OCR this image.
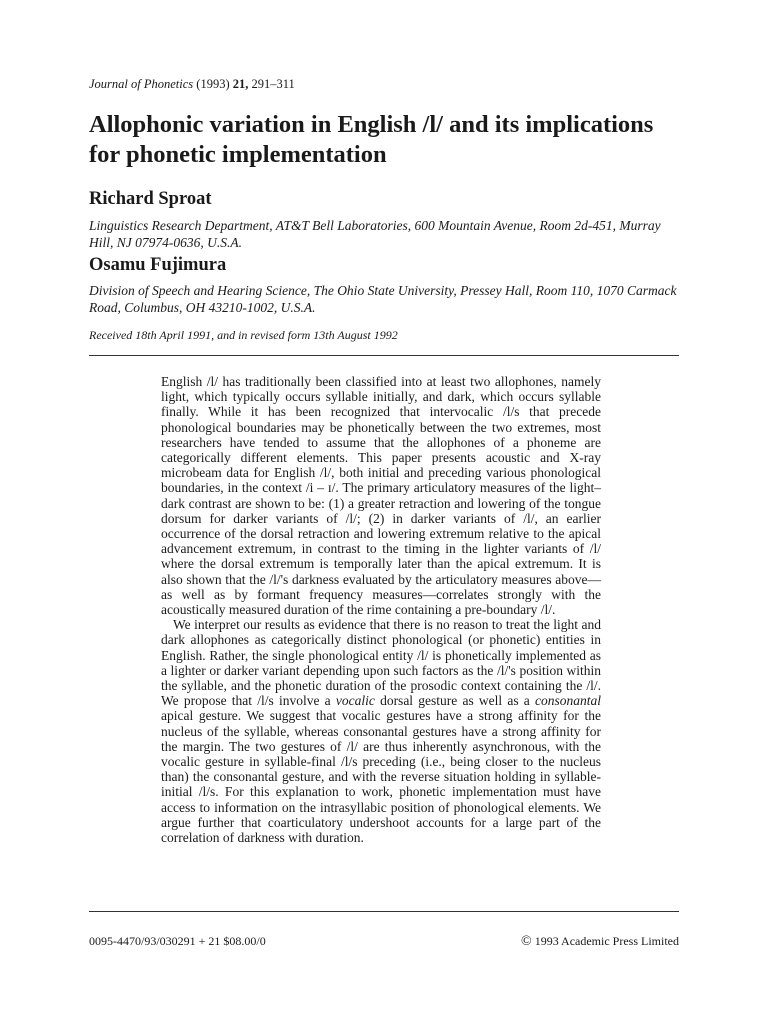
Journal of Phonetics (1993) 21, 291–311
Allophonic variation in English /l/ and its implications for phonetic implementation
Richard Sproat

Linguistics Research Department, AT&T Bell Laboratories, 600 Mountain Avenue, Room 2d-451, Murray Hill, NJ 07974-0636, U.S.A.

Osamu Fujimura

Division of Speech and Hearing Science, The Ohio State University, Pressey Hall, Room 110, 1070 Carmack Road, Columbus, OH 43210-1002, U.S.A.

Received 18th April 1991, and in revised form 13th August 1992

English /l/ has traditionally been classified into at least two allophones, namely light, which typically occurs syllable initially, and dark, which occurs syllable finally. While it has been recognized that intervocalic /l/s that precede phonological boundaries may be phonetically between the two extremes, most researchers have tended to assume that the allophones of a phoneme are categorically different elements. This paper presents acoustic and X-ray microbeam data for English /l/, both initial and preceding various phonological boundaries, in the context /i – ɪ/. The primary articulatory measures of the light–dark contrast are shown to be: (1) a greater retraction and lowering of the tongue dorsum for darker variants of /l/; (2) in darker variants of /l/, an earlier occurrence of the dorsal retraction and lowering extremum relative to the apical advancement extremum, in contrast to the timing in the lighter variants of /l/ where the dorsal extremum is temporally later than the apical extremum. It is also shown that the /l/'s darkness evaluated by the articulatory measures above—as well as by formant frequency measures—correlates strongly with the acoustically measured duration of the rime containing a pre-boundary /l/.

We interpret our results as evidence that there is no reason to treat the light and dark allophones as categorically distinct phonological (or phonetic) entities in English. Rather, the single phonological entity /l/ is phonetically implemented as a lighter or darker variant depending upon such factors as the /l/'s position within the syllable, and the phonetic duration of the prosodic context containing the /l/. We propose that /l/s involve a vocalic dorsal gesture as well as a consonantal apical gesture. We suggest that vocalic gestures have a strong affinity for the nucleus of the syllable, whereas consonantal gestures have a strong affinity for the margin. The two gestures of /l/ are thus inherently asynchronous, with the vocalic gesture in syllable-final /l/s preceding (i.e., being closer to the nucleus than) the consonantal gesture, and with the reverse situation holding in syllable-initial /l/s. For this explanation to work, phonetic implementation must have access to information on the intrasyllabic position of phonological elements. We argue further that coarticulatory undershoot accounts for a large part of the correlation of darkness with duration.

0095-4470/93/030291 + 21 $08.00/0	© 1993 Academic Press Limited
